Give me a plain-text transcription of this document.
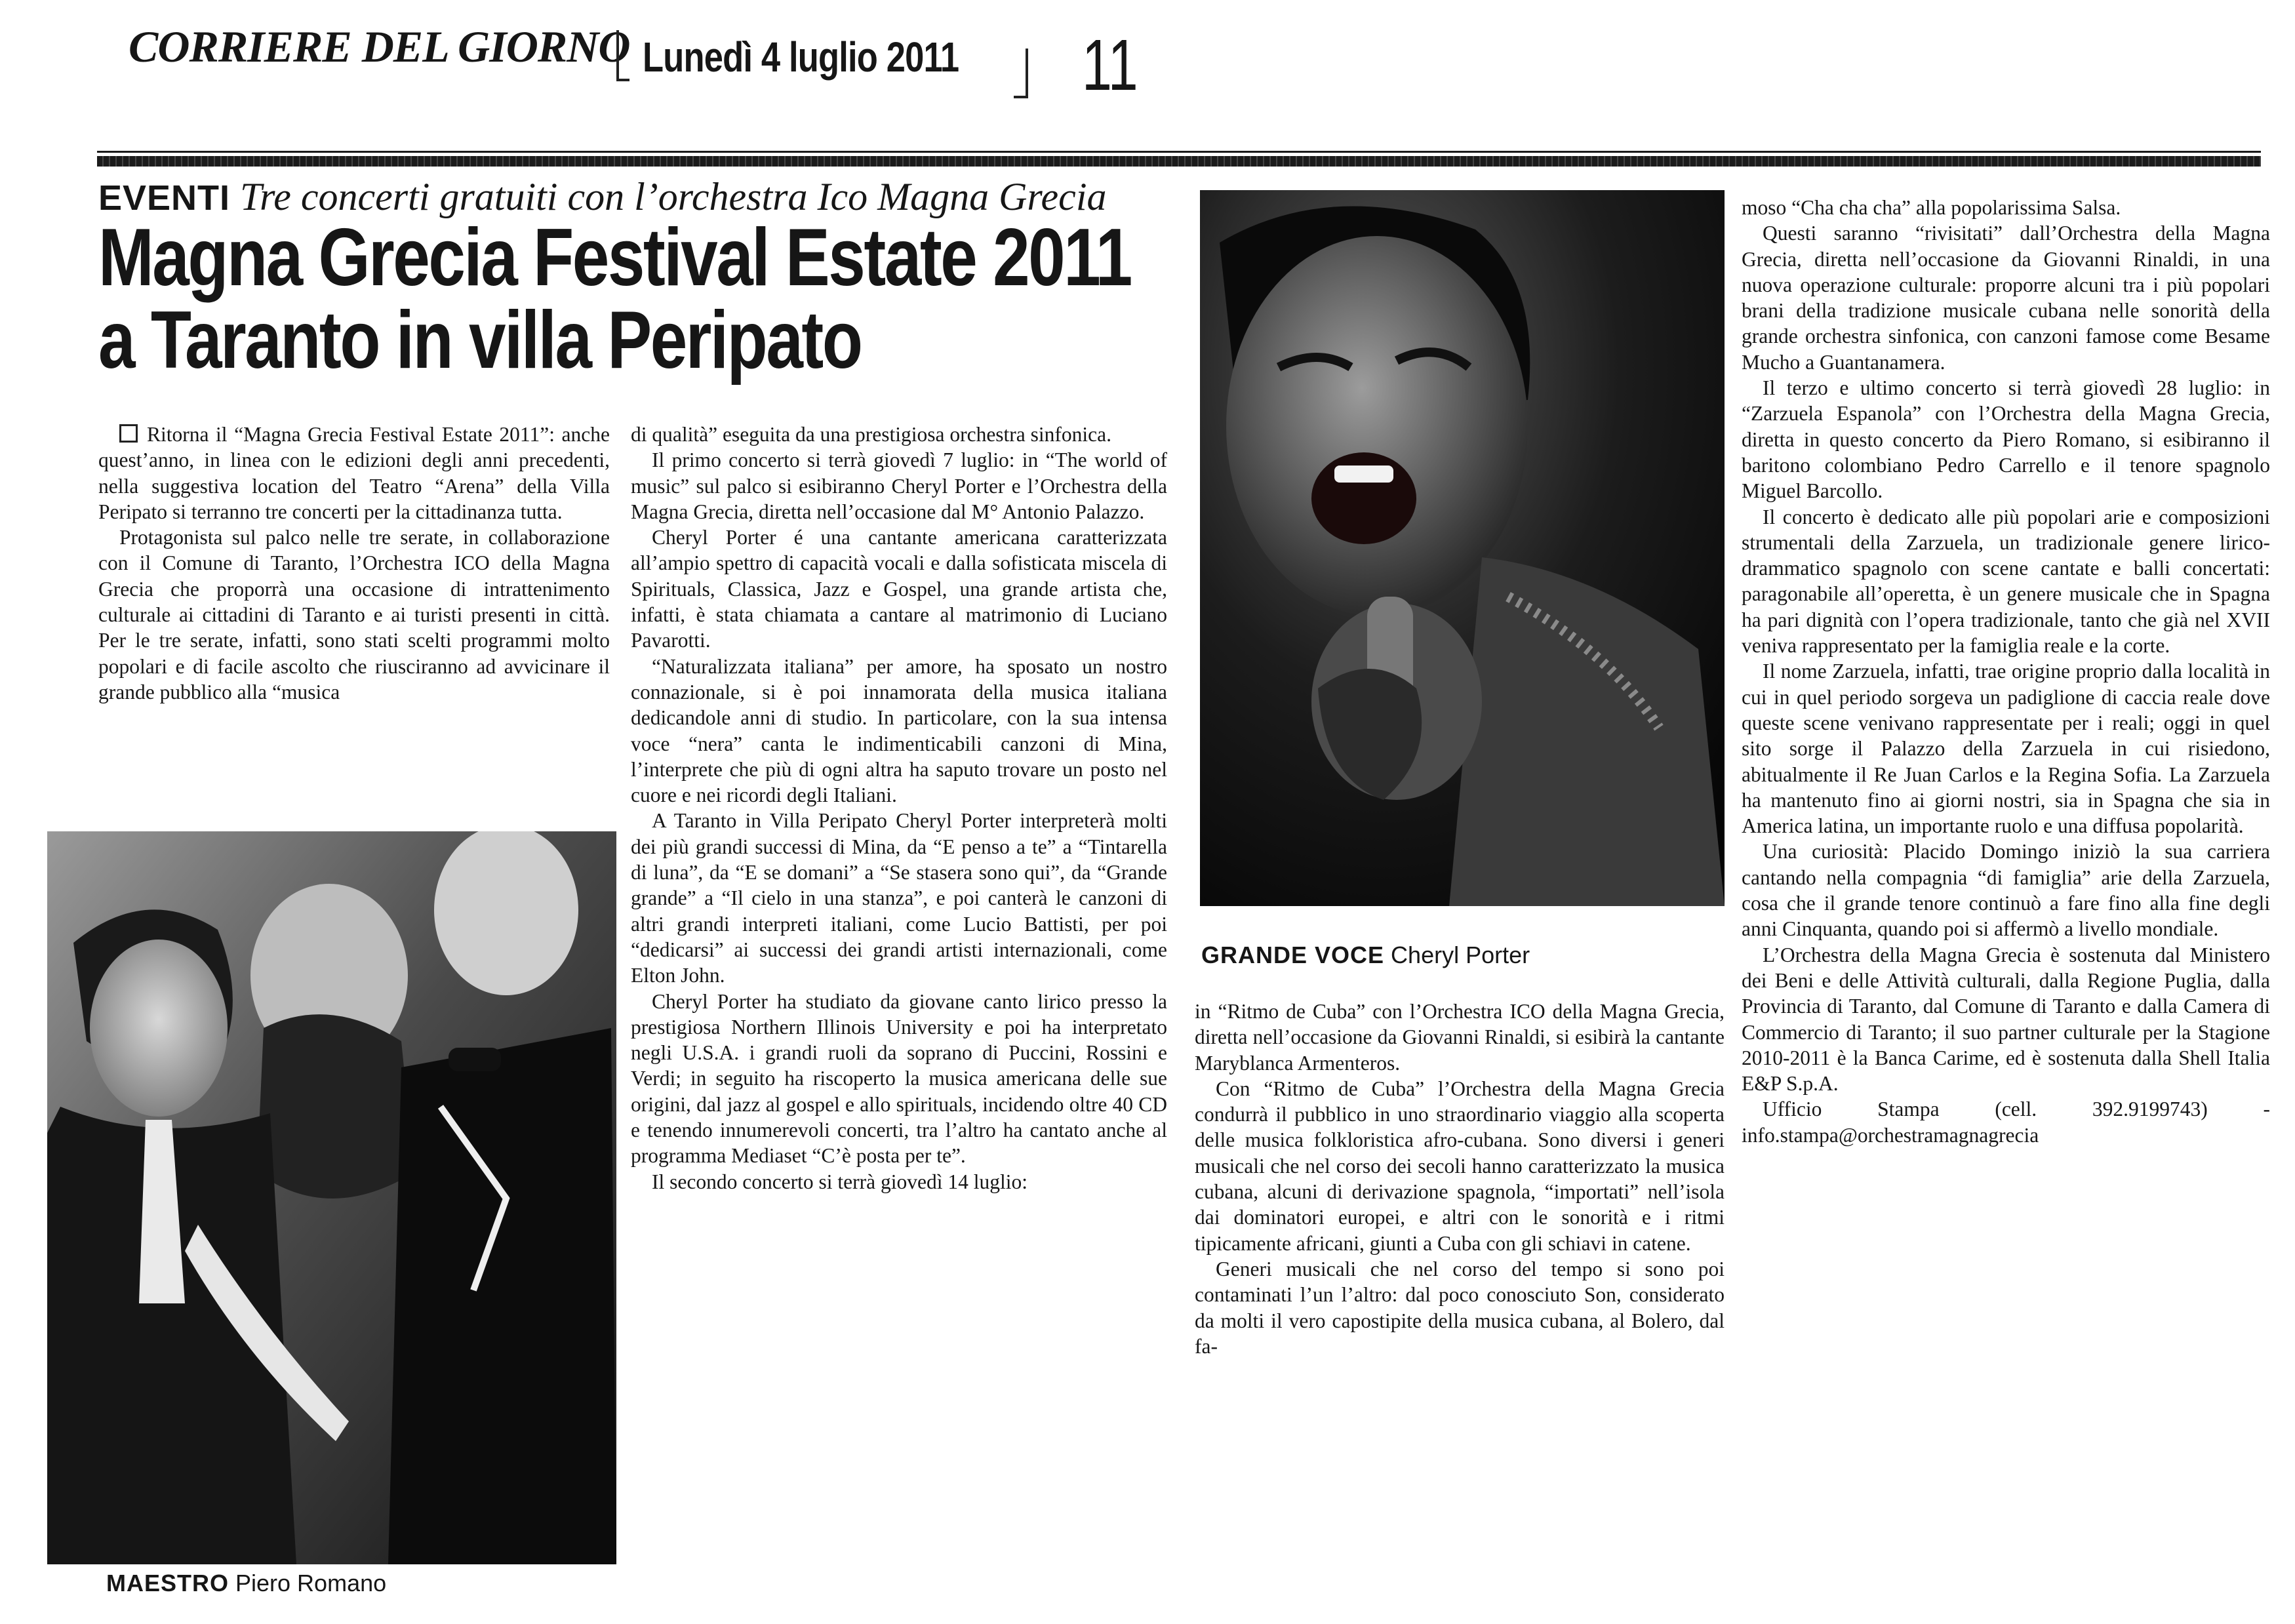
CORRIERE DEL GIORNO Lunedì 4 luglio 2011 11
EVENTI Tre concerti gratuiti con l’orchestra Ico Magna Grecia
Magna Grecia Festival Estate 2011
a Taranto in villa Peripato

Ritorna il “Magna Grecia Festival Estate 2011”: anche quest’anno, in linea con le edizioni degli anni precedenti, nella suggestiva location del Teatro “Arena” della Villa Peripato si terranno tre concerti per la cittadinanza tutta.

Protagonista sul palco nelle tre serate, in collaborazione con il Comune di Taranto, l’Orchestra ICO della Magna Grecia che proporrà una occasione di intrattenimento culturale ai cittadini di Taranto e ai turisti presenti in città. Per le tre serate, infatti, sono stati scelti programmi molto popolari e di facile ascolto che riusciranno ad avvicinare il grande pubblico alla “musica

MAESTRO Piero Romano

di qualità” eseguita da una prestigiosa orchestra sinfonica.

Il primo concerto si terrà giovedì 7 luglio: in “The world of music” sul palco si esibiranno Cheryl Porter e l’Orchestra della Magna Grecia, diretta nell’occasione dal M° Antonio Palazzo.

Cheryl Porter é una cantante americana caratterizzata all’ampio spettro di capacità vocali e dalla sofisticata miscela di Spirituals, Classica, Jazz e Gospel, una grande artista che, infatti, è stata chiamata a cantare al matrimonio di Luciano Pavarotti.

“Naturalizzata italiana” per amore, ha sposato un nostro connazionale, si è poi innamorata della musica italiana dedicandole anni di studio. In particolare, con la sua intensa voce “nera” canta le indimenticabili canzoni di Mina, l’interprete che più di ogni altra ha saputo trovare un posto nel cuore e nei ricordi degli Italiani.

A Taranto in Villa Peripato Cheryl Porter interpreterà molti dei più grandi successi di Mina, da “E penso a te” a “Tintarella di luna”, da “E se domani” a “Se stasera sono qui”, da “Grande grande” a “Il cielo in una stanza”, e poi canterà le canzoni di altri grandi interpreti italiani, come Lucio Battisti, per poi “dedicarsi” ai successi dei grandi artisti internazionali, come Elton John.

Cheryl Porter ha studiato da giovane canto lirico presso la prestigiosa Northern Illinois University e poi ha interpretato negli U.S.A. i grandi ruoli da soprano di Puccini, Rossini e Verdi; in seguito ha riscoperto la musica americana delle sue origini, dal jazz al gospel e allo spirituals, incidendo oltre 40 CD e tenendo innumerevoli concerti, tra l’altro ha cantato anche al programma Mediaset “C’è posta per te”.

Il secondo concerto si terrà giovedì 14 luglio:

GRANDE VOCE Cheryl Porter

in “Ritmo de Cuba” con l’Orchestra ICO della Magna Grecia, diretta nell’occasione da Giovanni Rinaldi, si esibirà la cantante Maryblanca Armenteros.

Con “Ritmo de Cuba” l’Orchestra della Magna Grecia condurrà il pubblico in uno straordinario viaggio alla scoperta delle musica folkloristica afro-cubana. Sono diversi i generi musicali che nel corso dei secoli hanno caratterizzato la musica cubana, alcuni di derivazione spagnola, “importati” nell’isola dai dominatori europei, e altri con le sonorità e i ritmi tipicamente africani, giunti a Cuba con gli schiavi in catene.

Generi musicali che nel corso del tempo si sono poi contaminati l’un l’altro: dal poco conosciuto Son, considerato da molti il vero capostipite della musica cubana, al Bolero, dal fa-

moso “Cha cha cha” alla popolarissima Salsa.

Questi saranno “rivisitati” dall’Orchestra della Magna Grecia, diretta nell’occasione da Giovanni Rinaldi, in una nuova operazione culturale: proporre alcuni tra i più popolari brani della tradizione musicale cubana nelle sonorità della grande orchestra sinfonica, con canzoni famose come Besame Mucho a Guantanamera.

Il terzo e ultimo concerto si terrà giovedì 28 luglio: in “Zarzuela Espanola” con l’Orchestra della Magna Grecia, diretta in questo concerto da Piero Romano, si esibiranno il baritono colombiano Pedro Carrello e il tenore spagnolo Miguel Barcollo.

Il concerto è dedicato alle più popolari arie e composizioni strumentali della Zarzuela, un tradizionale genere lirico-drammatico spagnolo con scene cantate e balli concertati: paragonabile all’operetta, è un genere musicale che in Spagna ha pari dignità con l’opera tradizionale, tanto che già nel XVII veniva rappresentato per la famiglia reale e la corte.

Il nome Zarzuela, infatti, trae origine proprio dalla località in cui in quel periodo sorgeva un padiglione di caccia reale dove queste scene venivano rappresentate per i reali; oggi in quel sito sorge il Palazzo della Zarzuela in cui risiedono, abitualmente il Re Juan Carlos e la Regina Sofia. La Zarzuela ha mantenuto fino ai giorni nostri, sia in Spagna che sia in America latina, un importante ruolo e una diffusa popolarità.

Una curiosità: Placido Domingo iniziò la sua carriera cantando nella compagnia “di famiglia” arie della Zarzuela, cosa che il grande tenore continuò a fare fino alla fine degli anni Cinquanta, quando poi si affermò a livello mondiale.

L’Orchestra della Magna Grecia è sostenuta dal Ministero dei Beni e delle Attività culturali, dalla Regione Puglia, dalla Provincia di Taranto, dal Comune di Taranto e dalla Camera di Commercio di Taranto; il suo partner culturale per la Stagione 2010-2011 è la Banca Carime, ed è sostenuta dalla Shell Italia E&P S.p.A.

Ufficio Stampa (cell. 392.9199743) - info.stampa@orchestramagnagrecia
